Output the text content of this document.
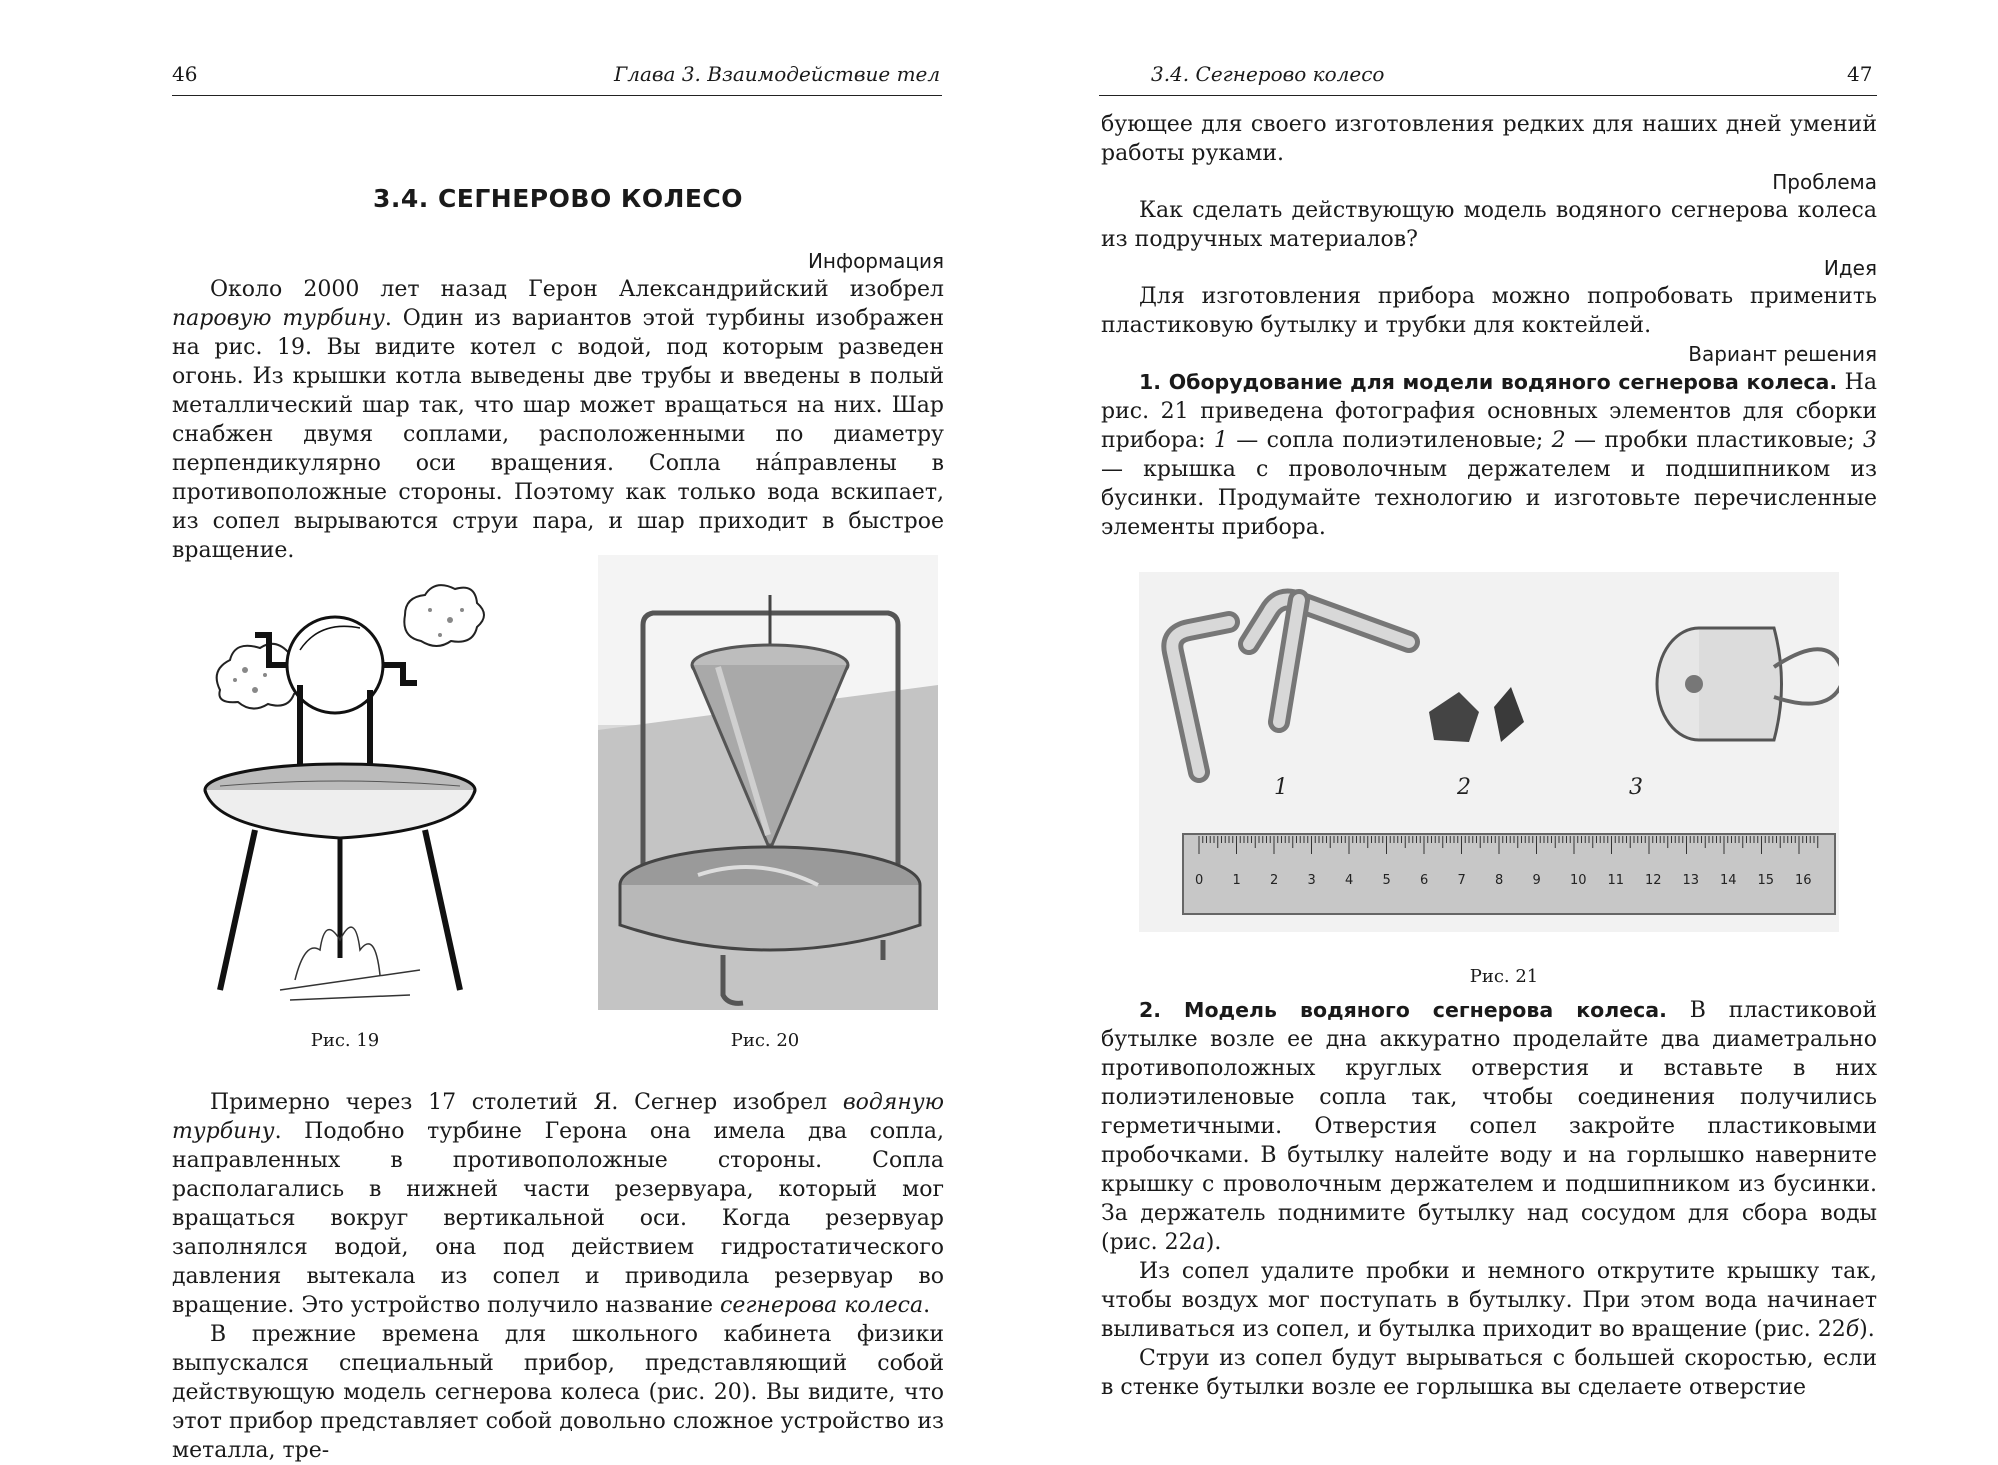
46	Глава 3. Взаимодействие тел

3.4. СЕГНЕРОВО КОЛЕСО

Информация

Около 2000 лет назад Герон Александрийский изобрел паровую турбину. Один из вариантов этой турбины изображен на рис. 19. Вы видите котел с водой, под которым разведен огонь. Из крышки котла выведены две трубы и введены в полый металлический шар так, что шар может вращаться на них. Шар снабжен двумя соплами, расположенными по диаметру перпендикулярно оси вращения. Сопла нáправлены в противоположные стороны. Поэтому как только вода вскипает, из сопел вырываются струи пара, и шар приходит в быстрое вращение.

Рис. 19	Рис. 20

Примерно через 17 столетий Я. Сегнер изобрел водяную турбину. Подобно турбине Герона она имела два сопла, направленных в противоположные стороны. Сопла располагались в нижней части резервуара, который мог вращаться вокруг вертикальной оси. Когда резервуар заполнялся водой, она под действием гидростатического давления вытекала из сопел и приводила резервуар во вращение. Это устройство получило название сегнерова колеса.

В прежние времена для школьного кабинета физики выпускался специальный прибор, представляющий собой действующую модель сегнерова колеса (рис. 20). Вы видите, что этот прибор представляет собой довольно сложное устройство из металла, тре-

3.4. Сегнерово колесо	47

бующее для своего изготовления редких для наших дней умений работы руками.

Проблема

Как сделать действующую модель водяного сегнерова колеса из подручных материалов?

Идея

Для изготовления прибора можно попробовать применить пластиковую бутылку и трубки для коктейлей.

Вариант решения

1. Оборудование для модели водяного сегнерова колеса. На рис. 21 приведена фотография основных элементов для сборки прибора: 1 — сопла полиэтиленовые; 2 — пробки пластиковые; 3 — крышка с проволочным держателем и подшипником из бусинки. Продумайте технологию и изготовьте перечисленные элементы прибора.

1	2	3
0 1 2 3 4 5 6 7 8 9 10 11 12 13 14 15 16
Рис. 21

2. Модель водяного сегнерова колеса. В пластиковой бутылке возле ее дна аккуратно проделайте два диаметрально противоположных круглых отверстия и вставьте в них полиэтиленовые сопла так, чтобы соединения получились герметичными. Отверстия сопел закройте пластиковыми пробочками. В бутылку налейте воду и на горлышко наверните крышку с проволочным держателем и подшипником из бусинки. За держатель поднимите бутылку над сосудом для сбора воды (рис. 22а).

Из сопел удалите пробки и немного открутите крышку так, чтобы воздух мог поступать в бутылку. При этом вода начинает выливаться из сопел, и бутылка приходит во вращение (рис. 22б).

Струи из сопел будут вырываться с большей скоростью, если в стенке бутылки возле ее горлышка вы сделаете отверстие
